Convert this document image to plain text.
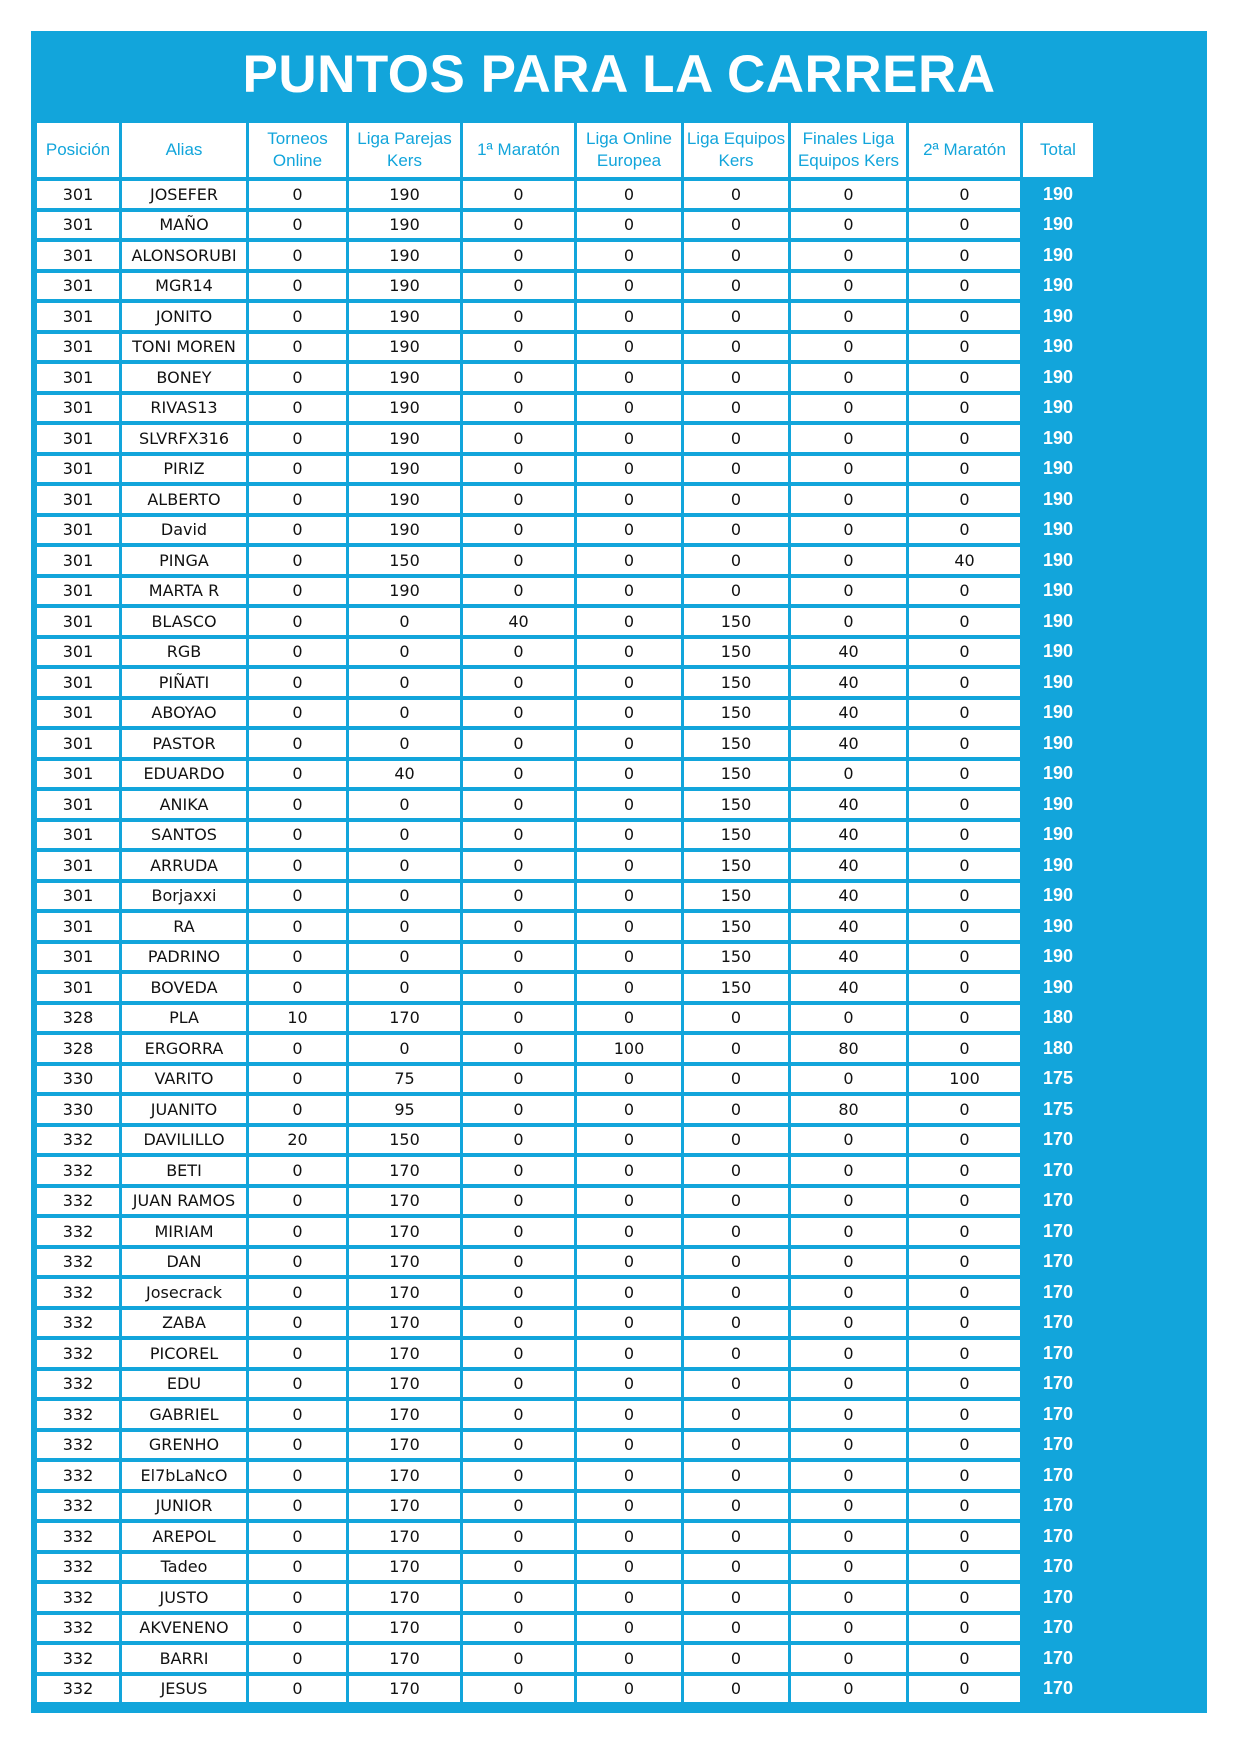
PUNTOS PARA LA CARRERA
Posición	Alias	Torneos Online	Liga Parejas Kers	1ª Maratón	Liga Online Europea	Liga Equipos Kers	Finales Liga Equipos Kers	2ª Maratón	Total
301	JOSEFER	0	190	0	0	0	0	0	190
301	MAÑO	0	190	0	0	0	0	0	190
301	ALONSORUBI	0	190	0	0	0	0	0	190
301	MGR14	0	190	0	0	0	0	0	190
301	JONITO	0	190	0	0	0	0	0	190
301	TONI MOREN	0	190	0	0	0	0	0	190
301	BONEY	0	190	0	0	0	0	0	190
301	RIVAS13	0	190	0	0	0	0	0	190
301	SLVRFX316	0	190	0	0	0	0	0	190
301	PIRIZ	0	190	0	0	0	0	0	190
301	ALBERTO	0	190	0	0	0	0	0	190
301	David	0	190	0	0	0	0	0	190
301	PINGA	0	150	0	0	0	0	40	190
301	MARTA R	0	190	0	0	0	0	0	190
301	BLASCO	0	0	40	0	150	0	0	190
301	RGB	0	0	0	0	150	40	0	190
301	PIÑATI	0	0	0	0	150	40	0	190
301	ABOYAO	0	0	0	0	150	40	0	190
301	PASTOR	0	0	0	0	150	40	0	190
301	EDUARDO	0	40	0	0	150	0	0	190
301	ANIKA	0	0	0	0	150	40	0	190
301	SANTOS	0	0	0	0	150	40	0	190
301	ARRUDA	0	0	0	0	150	40	0	190
301	Borjaxxi	0	0	0	0	150	40	0	190
301	RA	0	0	0	0	150	40	0	190
301	PADRINO	0	0	0	0	150	40	0	190
301	BOVEDA	0	0	0	0	150	40	0	190
328	PLA	10	170	0	0	0	0	0	180
328	ERGORRA	0	0	0	100	0	80	0	180
330	VARITO	0	75	0	0	0	0	100	175
330	JUANITO	0	95	0	0	0	80	0	175
332	DAVILILLO	20	150	0	0	0	0	0	170
332	BETI	0	170	0	0	0	0	0	170
332	JUAN RAMOS	0	170	0	0	0	0	0	170
332	MIRIAM	0	170	0	0	0	0	0	170
332	DAN	0	170	0	0	0	0	0	170
332	Josecrack	0	170	0	0	0	0	0	170
332	ZABA	0	170	0	0	0	0	0	170
332	PICOREL	0	170	0	0	0	0	0	170
332	EDU	0	170	0	0	0	0	0	170
332	GABRIEL	0	170	0	0	0	0	0	170
332	GRENHO	0	170	0	0	0	0	0	170
332	El7bLaNcO	0	170	0	0	0	0	0	170
332	JUNIOR	0	170	0	0	0	0	0	170
332	AREPOL	0	170	0	0	0	0	0	170
332	Tadeo	0	170	0	0	0	0	0	170
332	JUSTO	0	170	0	0	0	0	0	170
332	AKVENENO	0	170	0	0	0	0	0	170
332	BARRI	0	170	0	0	0	0	0	170
332	JESUS	0	170	0	0	0	0	0	170
